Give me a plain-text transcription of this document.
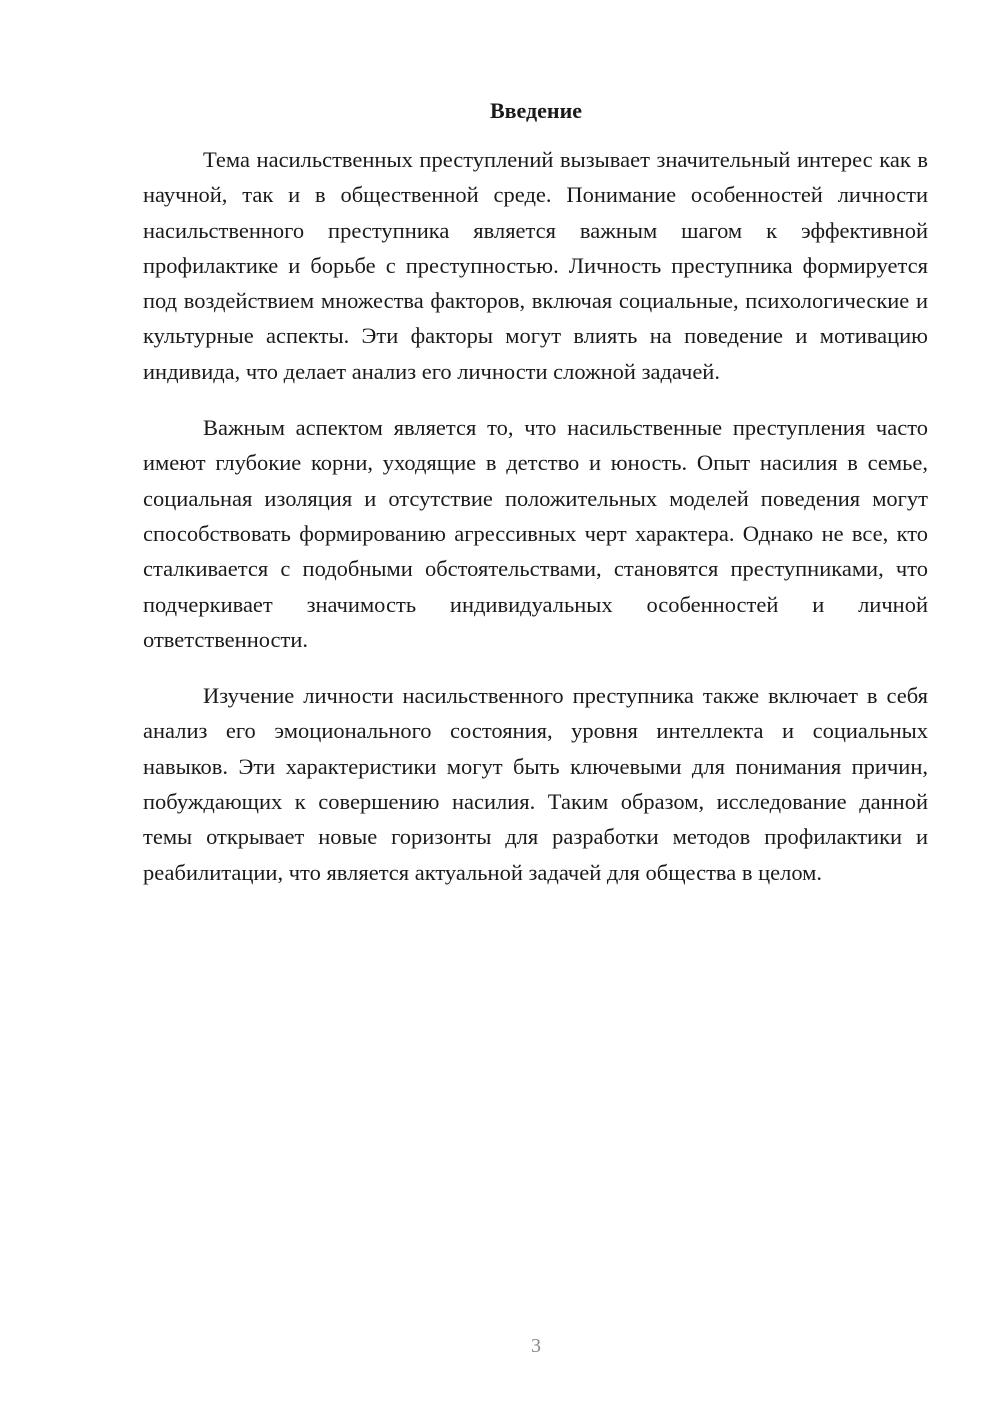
Введение

Тема насильственных преступлений вызывает значительный интерес как в научной, так и в общественной среде. Понимание особенностей личности насильственного преступника является важным шагом к эффективной профилактике и борьбе с преступностью. Личность преступника формируется под воздействием множества факторов, включая социальные, психологические и культурные аспекты. Эти факторы могут влиять на поведение и мотивацию индивида, что делает анализ его личности сложной задачей.

Важным аспектом является то, что насильственные преступления часто имеют глубокие корни, уходящие в детство и юность. Опыт насилия в семье, социальная изоляция и отсутствие положительных моделей поведения могут способствовать формированию агрессивных черт характера. Однако не все, кто сталкивается с подобными обстоятельствами, становятся преступниками, что подчеркивает значимость индивидуальных особенностей и личной ответственности.

Изучение личности насильственного преступника также включает в себя анализ его эмоционального состояния, уровня интеллекта и социальных навыков. Эти характеристики могут быть ключевыми для понимания причин, побуждающих к совершению насилия. Таким образом, исследование данной темы открывает новые горизонты для разработки методов профилактики и реабилитации, что является актуальной задачей для общества в целом.

3
